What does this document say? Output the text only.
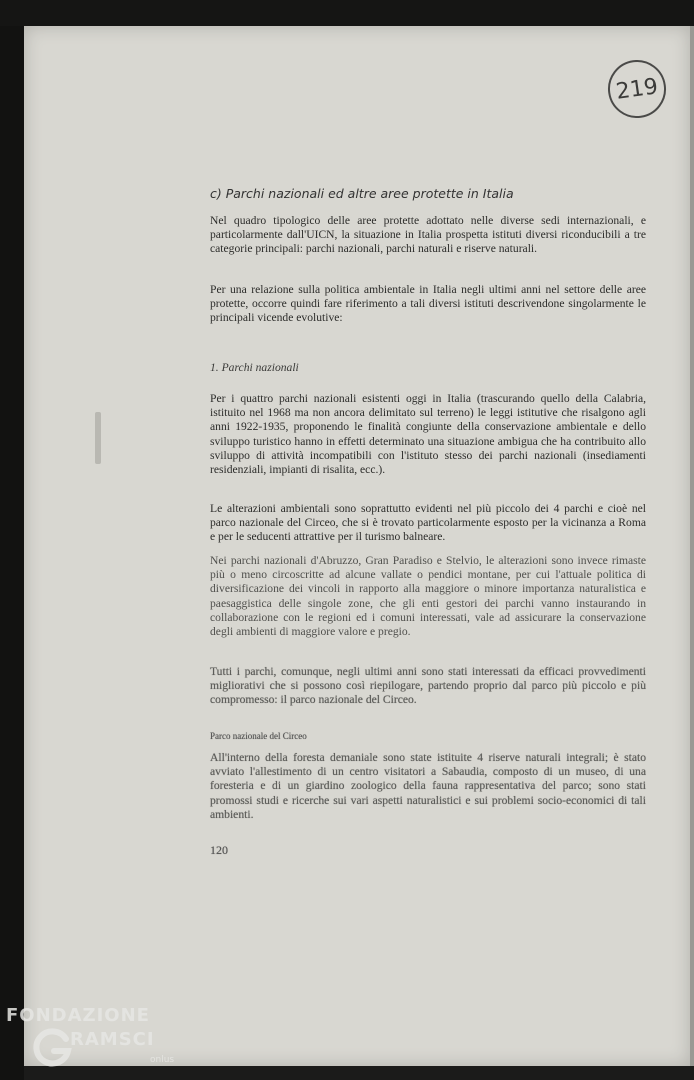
219
c) Parchi nazionali ed altre aree protette in Italia

Nel quadro tipologico delle aree protette adottato nelle diverse sedi internazionali, e particolarmente dall'UICN, la situazione in Italia prospetta istituti diversi riconducibili a tre categorie principali: parchi nazionali, parchi naturali e riserve naturali.

Per una relazione sulla politica ambientale in Italia negli ultimi anni nel settore delle aree protette, occorre quindi fare riferimento a tali diversi istituti descrivendone singolarmente le principali vicende evolutive:

1. Parchi nazionali

Per i quattro parchi nazionali esistenti oggi in Italia (trascurando quello della Calabria, istituito nel 1968 ma non ancora delimitato sul terreno) le leggi istitutive che risalgono agli anni 1922-1935, proponendo le finalità congiunte della conservazione ambientale e dello sviluppo turistico hanno in effetti determinato una situazione ambigua che ha contribuito allo sviluppo di attività incompatibili con l'istituto stesso dei parchi nazionali (insediamenti residenziali, impianti di risalita, ecc.).

Le alterazioni ambientali sono soprattutto evidenti nel più piccolo dei 4 parchi e cioè nel parco nazionale del Circeo, che si è trovato particolarmente esposto per la vicinanza a Roma e per le seducenti attrattive per il turismo balneare.

Nei parchi nazionali d'Abruzzo, Gran Paradiso e Stelvio, le alterazioni sono invece rimaste più o meno circoscritte ad alcune vallate o pendici montane, per cui l'attuale politica di diversificazione dei vincoli in rapporto alla maggiore o minore importanza naturalistica e paesaggistica delle singole zone, che gli enti gestori dei parchi vanno instaurando in collaborazione con le regioni ed i comuni interessati, vale ad assicurare la conservazione degli ambienti di maggiore valore e pregio.

Tutti i parchi, comunque, negli ultimi anni sono stati interessati da efficaci provvedimenti migliorativi che si possono così riepilogare, partendo proprio dal parco più piccolo e più compromesso: il parco nazionale del Circeo.

Parco nazionale del Circeo

All'interno della foresta demaniale sono state istituite 4 riserve naturali integrali; è stato avviato l'allestimento di un centro visitatori a Sabaudia, composto di un museo, di una foresteria e di un giardino zoologico della fauna rappresentativa del parco; sono stati promossi studi e ricerche sui vari aspetti naturalistici e sui problemi socio-economici di tali ambienti.

120
FONDAZIONE
RAMSCI
onlus
